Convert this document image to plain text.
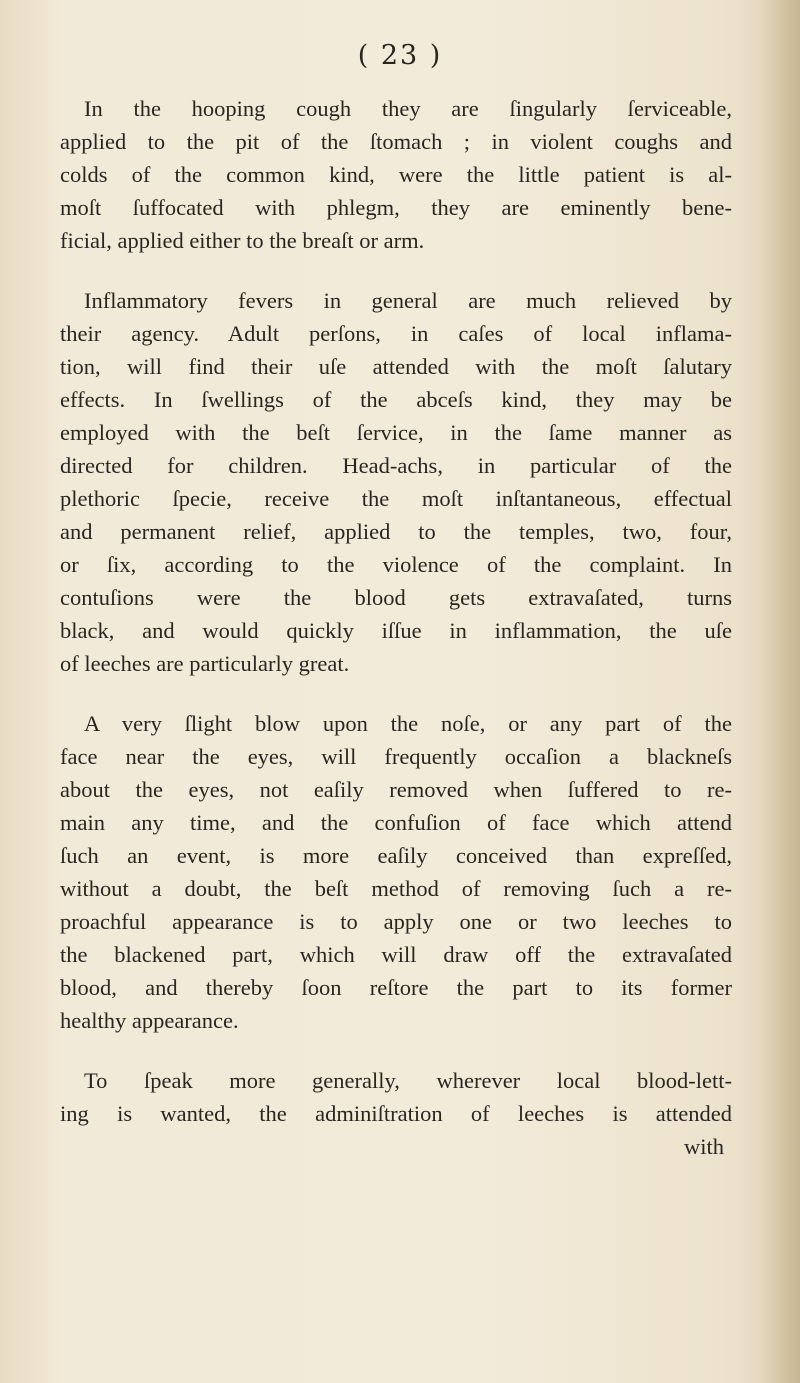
( 23 )
In the hooping cough they are ſingularly ſerviceable,
applied to the pit of the ſtomach ; in violent coughs and
colds of the common kind, were the little patient is al-
moſt ſuffocated with phlegm, they are eminently bene-
ficial, applied either to the breaſt or arm.
Inflammatory fevers in general are much relieved by
their agency. Adult perſons, in caſes of local inflama-
tion, will find their uſe attended with the moſt ſalutary
effects. In ſwellings of the abceſs kind, they may be
employed with the beſt ſervice, in the ſame manner as
directed for children. Head-achs, in particular of the
plethoric ſpecie, receive the moſt inſtantaneous, effectual
and permanent relief, applied to the temples, two, four,
or ſix, according to the violence of the complaint. In
contuſions were the blood gets extravaſated, turns
black, and would quickly iſſue in inflammation, the uſe
of leeches are particularly great.
A very ſlight blow upon the noſe, or any part of the
face near the eyes, will frequently occaſion a blackneſs
about the eyes, not eaſily removed when ſuffered to re-
main any time, and the confuſion of face which attend
ſuch an event, is more eaſily conceived than expreſſed,
without a doubt, the beſt method of removing ſuch a re-
proachful appearance is to apply one or two leeches to
the blackened part, which will draw off the extravaſated
blood, and thereby ſoon reſtore the part to its former
healthy appearance.
To ſpeak more generally, wherever local blood-lett-
ing is wanted, the adminiſtration of leeches is attended
with
